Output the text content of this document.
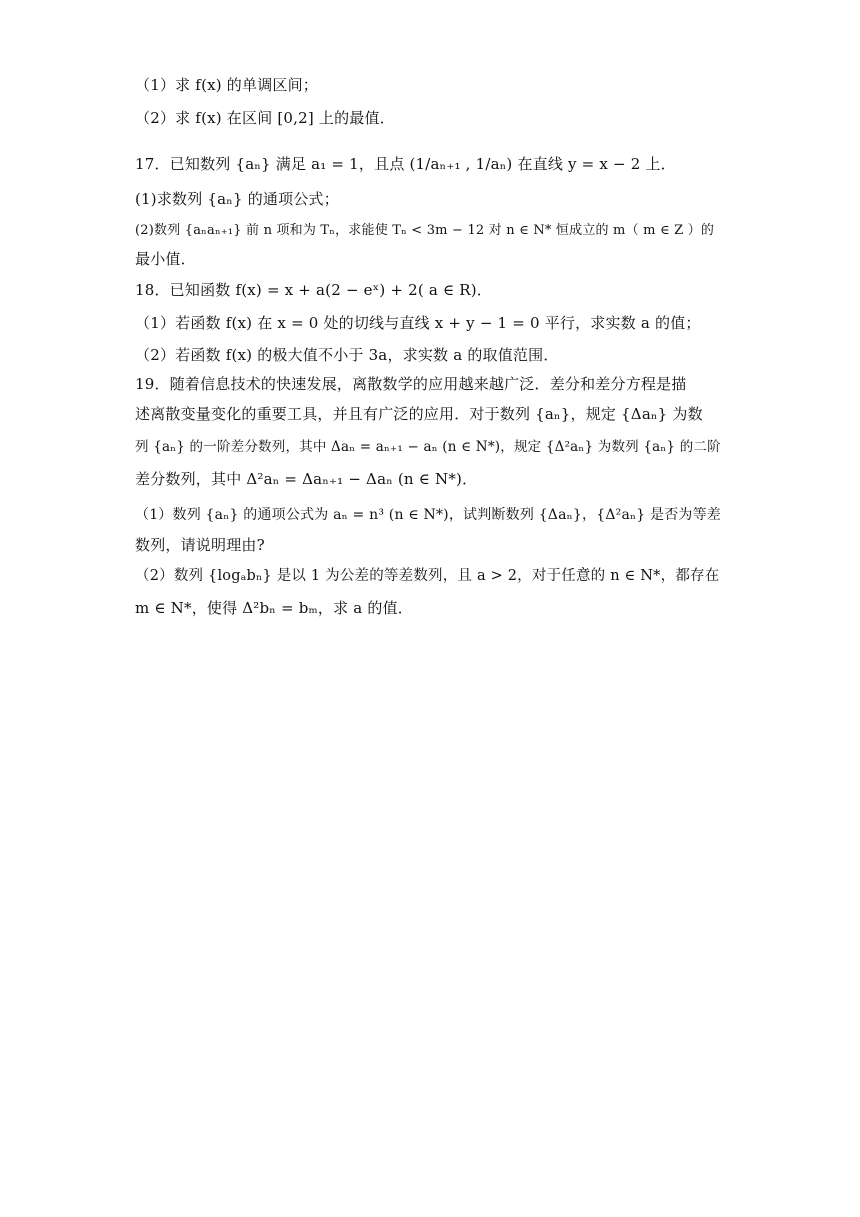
（1）求 f(x) 的单调区间；
（2）求 f(x) 在区间 [0,2] 上的最值．
17．已知数列 {aₙ} 满足 a₁ = 1，且点 (1/aₙ₊₁ , 1/aₙ) 在直线 y = x − 2 上．
(1)求数列 {aₙ} 的通项公式；
(2)数列 {aₙaₙ₊₁} 前 n 项和为 Tₙ，求能使 Tₙ < 3m − 12 对 n ∈ N* 恒成立的 m（ m ∈ Z ）的
最小值．
18．已知函数 f(x) = x + a(2 − eˣ) + 2( a ∈ R)．
（1）若函数 f(x) 在 x = 0 处的切线与直线 x + y − 1 = 0 平行，求实数 a 的值；
（2）若函数 f(x) 的极大值不小于 3a，求实数 a 的取值范围．
19．随着信息技术的快速发展，离散数学的应用越来越广泛．差分和差分方程是描
述离散变量变化的重要工具，并且有广泛的应用．对于数列 {aₙ}，规定 {Δaₙ} 为数
列 {aₙ} 的一阶差分数列，其中 Δaₙ = aₙ₊₁ − aₙ (n ∈ N*)，规定 {Δ²aₙ} 为数列 {aₙ} 的二阶
差分数列，其中 Δ²aₙ = Δaₙ₊₁ − Δaₙ (n ∈ N*)．
（1）数列 {aₙ} 的通项公式为 aₙ = n³ (n ∈ N*)，试判断数列 {Δaₙ}，{Δ²aₙ} 是否为等差
数列，请说明理由?
（2）数列 {logₐbₙ} 是以 1 为公差的等差数列，且 a > 2，对于任意的 n ∈ N*，都存在
m ∈ N*，使得 Δ²bₙ = bₘ，求 a 的值．
